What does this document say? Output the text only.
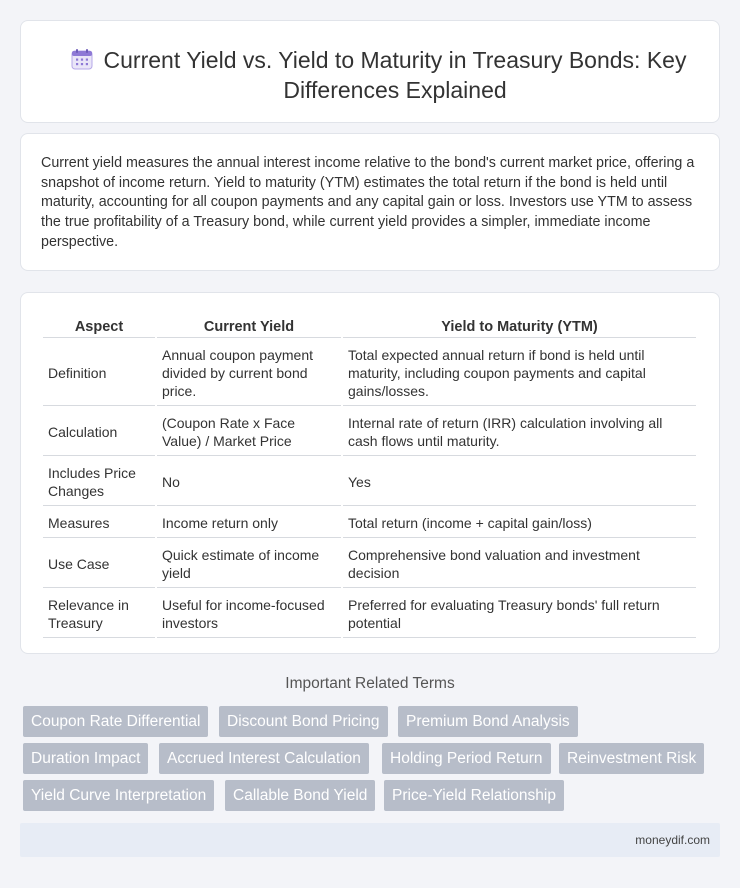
Current Yield vs. Yield to Maturity in Treasury Bonds: Key Differences Explained

Current yield measures the annual interest income relative to the bond's current market price, offering a snapshot of income return. Yield to maturity (YTM) estimates the total return if the bond is held until maturity, accounting for all coupon payments and any capital gain or loss. Investors use YTM to assess the true profitability of a Treasury bond, while current yield provides a simpler, immediate income perspective.

Aspect	Current Yield	Yield to Maturity (YTM)
Definition	Annual coupon payment divided by current bond price.	Total expected annual return if bond is held until maturity, including coupon payments and capital gains/losses.
Calculation	(Coupon Rate x Face Value) / Market Price	Internal rate of return (IRR) calculation involving all cash flows until maturity.
Includes Price Changes	No	Yes
Measures	Income return only	Total return (income + capital gain/loss)
Use Case	Quick estimate of income yield	Comprehensive bond valuation and investment decision
Relevance in Treasury	Useful for income-focused investors	Preferred for evaluating Treasury bonds' full return potential
Important Related Terms
Coupon Rate Differential	Discount Bond Pricing	Premium Bond Analysis
Duration Impact	Accrued Interest Calculation	Holding Period Return	Reinvestment Risk
Yield Curve Interpretation	Callable Bond Yield	Price-Yield Relationship
moneydif.com
